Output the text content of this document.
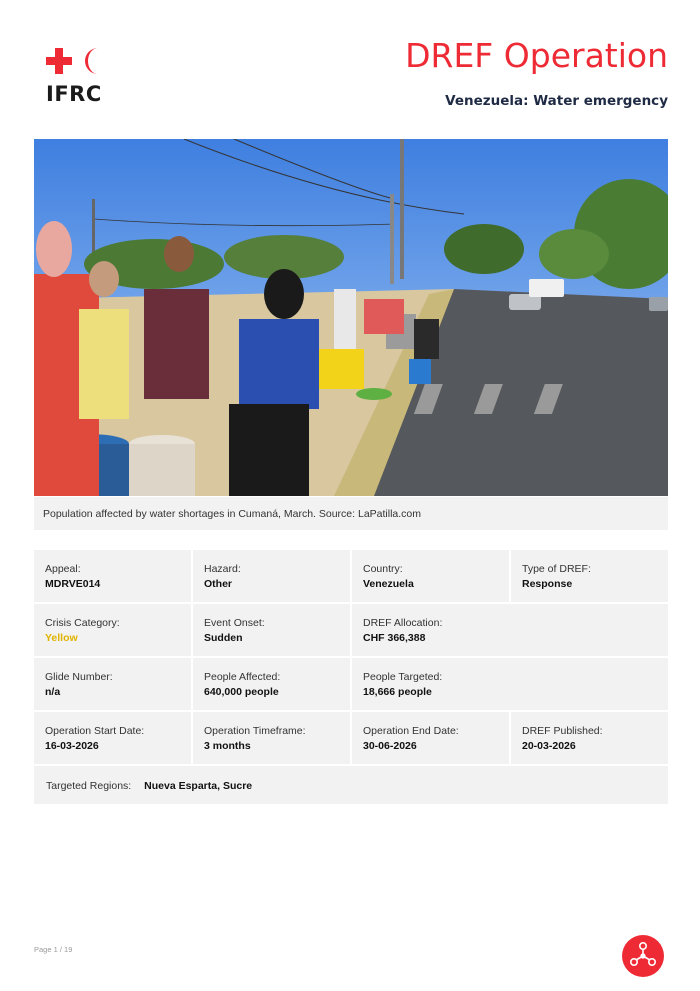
IFRC
DREF Operation
Venezuela: Water emergency
Population affected by water shortages in Cumaná, March. Source: LaPatilla.com
Appeal:
MDRVE014
Hazard:
Other
Country:
Venezuela
Type of DREF:
Response
Crisis Category:
Yellow
Event Onset:
Sudden
DREF Allocation:
CHF 366,388
Glide Number:
n/a
People Affected:
640,000 people
People Targeted:
18,666 people
Operation Start Date:
16-03-2026
Operation Timeframe:
3 months
Operation End Date:
30-06-2026
DREF Published:
20-03-2026
Targeted Regions: Nueva Esparta, Sucre
Page 1 / 19
